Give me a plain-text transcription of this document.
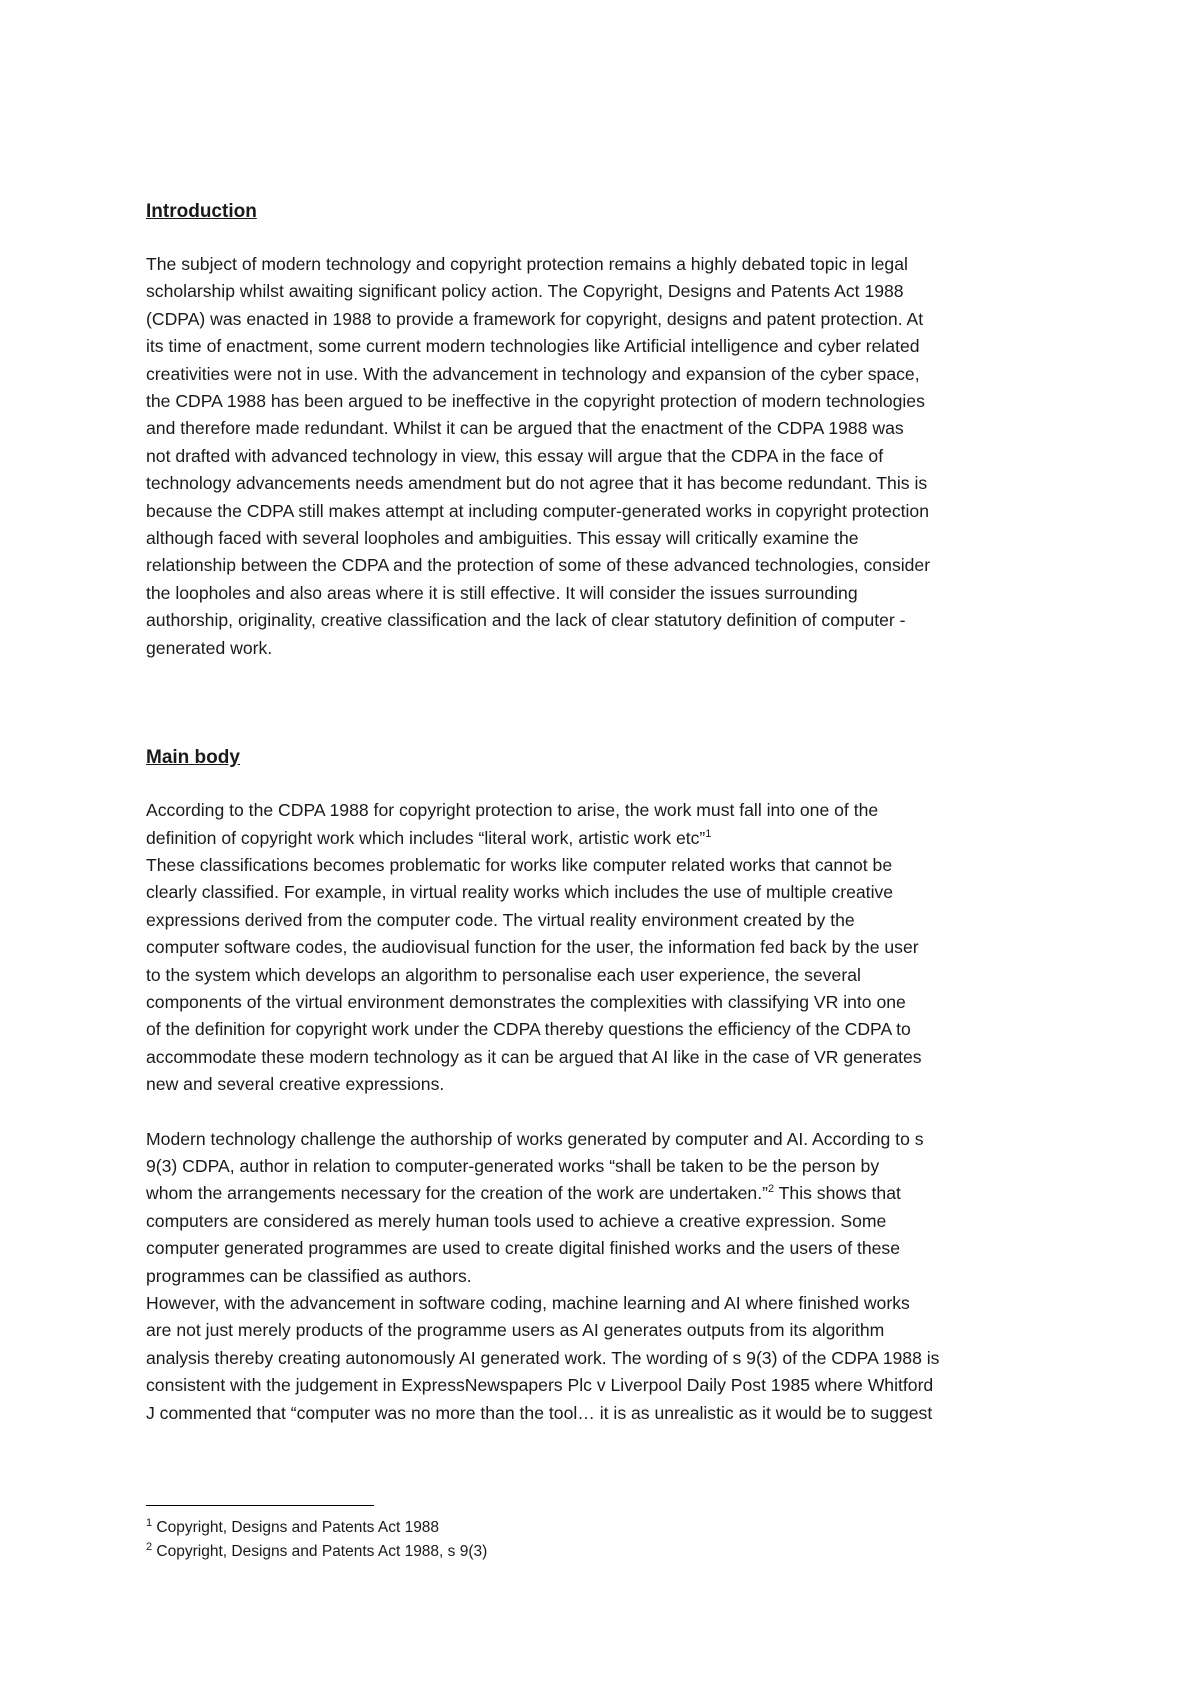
Introduction

The subject of modern technology and copyright protection remains a highly debated topic in legal
scholarship whilst awaiting significant policy action. The Copyright, Designs and Patents Act 1988
(CDPA) was enacted in 1988 to provide a framework for copyright, designs and patent protection. At
its time of enactment, some current modern technologies like Artificial intelligence and cyber related
creativities were not in use. With the advancement in technology and expansion of the cyber space,
the CDPA 1988 has been argued to be ineffective in the copyright protection of modern technologies
and therefore made redundant. Whilst it can be argued that the enactment of the CDPA 1988 was
not drafted with advanced technology in view, this essay will argue that the CDPA in the face of
technology advancements needs amendment but do not agree that it has become redundant. This is
because the CDPA still makes attempt at including computer-generated works in copyright protection
although faced with several loopholes and ambiguities. This essay will critically examine the
relationship between the CDPA and the protection of some of these advanced technologies, consider
the loopholes and also areas where it is still effective. It will consider the issues surrounding
authorship, originality, creative classification and the lack of clear statutory definition of computer -
generated work.

Main body

According to the CDPA 1988 for copyright protection to arise, the work must fall into one of the
definition of copyright work which includes “literal work, artistic work etc”$^1$
These classifications becomes problematic for works like computer related works that cannot be
clearly classified. For example, in virtual reality works which includes the use of multiple creative
expressions derived from the computer code. The virtual reality environment created by the
computer software codes, the audiovisual function for the user, the information fed back by the user
to the system which develops an algorithm to personalise each user experience, the several
components of the virtual environment demonstrates the complexities with classifying VR into one
of the definition for copyright work under the CDPA thereby questions the efficiency of the CDPA to
accommodate these modern technology as it can be argued that AI like in the case of VR generates
new and several creative expressions.

Modern technology challenge the authorship of works generated by computer and AI. According to s
9(3) CDPA, author in relation to computer-generated works “shall be taken to be the person by
whom the arrangements necessary for the creation of the work are undertaken.”$^2$ This shows that
computers are considered as merely human tools used to achieve a creative expression. Some
computer generated programmes are used to create digital finished works and the users of these
programmes can be classified as authors.
However, with the advancement in software coding, machine learning and AI where finished works
are not just merely products of the programme users as AI generates outputs from its algorithm
analysis thereby creating autonomously AI generated work. The wording of s 9(3) of the CDPA 1988 is
consistent with the judgement in ExpressNewspapers Plc v Liverpool Daily Post 1985 where Whitford
J commented that “computer was no more than the tool… it is as unrealistic as it would be to suggest

$^1$ Copyright, Designs and Patents Act 1988
$^2$ Copyright, Designs and Patents Act 1988, s 9(3)
